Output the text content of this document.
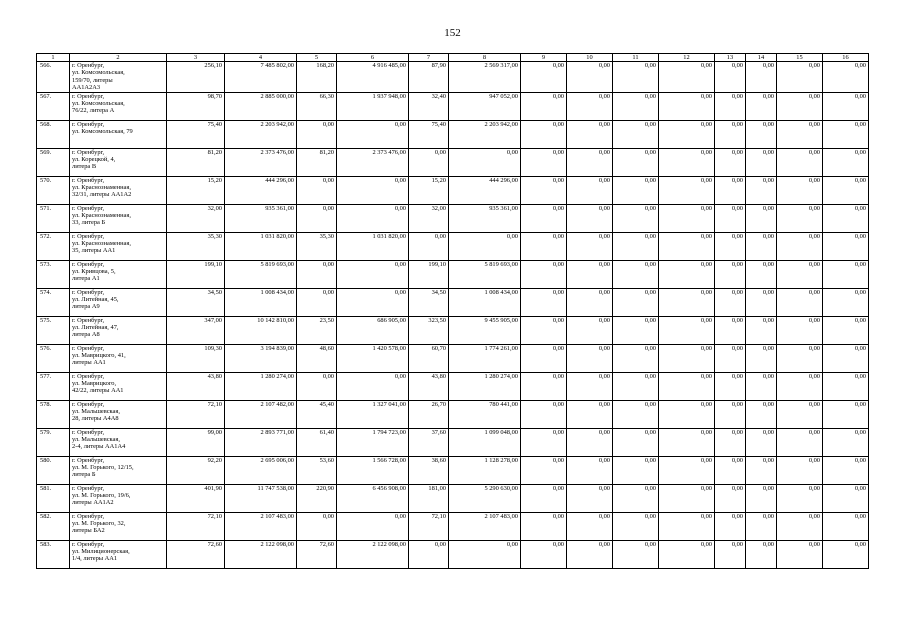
152
1	2	3	4	5	6	7	8	9	10	11	12	13	14	15	16
566.	г. Оренбург,
ул. Комсомольская,
159/70, литеры
АА1А2А3	256,10	7 485 802,00	168,20	4 916 485,00	87,90	2 569 317,00	0,00	0,00	0,00	0,00	0,00	0,00	0,00	0,00
567.	г. Оренбург,
ул. Комсомольская,
76/22, литера А	98,70	2 885 000,00	66,30	1 937 948,00	32,40	947 052,00	0,00	0,00	0,00	0,00	0,00	0,00	0,00	0,00
568.	г. Оренбург,
ул. Комсомольская, 79	75,40	2 203 942,00	0,00	0,00	75,40	2 203 942,00	0,00	0,00	0,00	0,00	0,00	0,00	0,00	0,00
569.	г. Оренбург,
ул. Корецкой, 4,
литера В	81,20	2 373 476,00	81,20	2 373 476,00	0,00	0,00	0,00	0,00	0,00	0,00	0,00	0,00	0,00	0,00
570.	г. Оренбург,
ул. Краснознаменная,
32/31, литеры АА1А2	15,20	444 296,00	0,00	0,00	15,20	444 296,00	0,00	0,00	0,00	0,00	0,00	0,00	0,00	0,00
571.	г. Оренбург,
ул. Краснознаменная,
33, литера Б	32,00	935 361,00	0,00	0,00	32,00	935 361,00	0,00	0,00	0,00	0,00	0,00	0,00	0,00	0,00
572.	г. Оренбург,
ул. Краснознаменная,
35, литеры АА1	35,30	1 031 820,00	35,30	1 031 820,00	0,00	0,00	0,00	0,00	0,00	0,00	0,00	0,00	0,00	0,00
573.	г. Оренбург,
ул. Кривцова, 5,
литера А1	199,10	5 819 693,00	0,00	0,00	199,10	5 819 693,00	0,00	0,00	0,00	0,00	0,00	0,00	0,00	0,00
574.	г. Оренбург,
ул. Литейная, 45,
литера А9	34,50	1 008 434,00	0,00	0,00	34,50	1 008 434,00	0,00	0,00	0,00	0,00	0,00	0,00	0,00	0,00
575.	г. Оренбург,
ул. Литейная, 47,
литера А8	347,00	10 142 810,00	23,50	686 905,00	323,50	9 455 905,00	0,00	0,00	0,00	0,00	0,00	0,00	0,00	0,00
576.	г. Оренбург,
ул. Маврицкого, 41,
литеры АА1	109,30	3 194 839,00	48,60	1 420 578,00	60,70	1 774 261,00	0,00	0,00	0,00	0,00	0,00	0,00	0,00	0,00
577.	г. Оренбург,
ул. Маврицкого,
42/22, литеры АА1	43,80	1 280 274,00	0,00	0,00	43,80	1 280 274,00	0,00	0,00	0,00	0,00	0,00	0,00	0,00	0,00
578.	г. Оренбург,
ул. Мальшевская,
28, литеры А4А8	72,10	2 107 482,00	45,40	1 327 041,00	26,70	780 441,00	0,00	0,00	0,00	0,00	0,00	0,00	0,00	0,00
579.	г. Оренбург,
ул. Мальшевская,
2-4, литеры АА1А4	99,00	2 893 771,00	61,40	1 794 723,00	37,60	1 099 048,00	0,00	0,00	0,00	0,00	0,00	0,00	0,00	0,00
580.	г. Оренбург,
ул. М. Горького, 12/15,
литера Б	92,20	2 695 006,00	53,60	1 566 728,00	38,60	1 128 278,00	0,00	0,00	0,00	0,00	0,00	0,00	0,00	0,00
581.	г. Оренбург,
ул. М. Горького, 19/6,
литеры АА1А2	401,90	11 747 538,00	220,90	6 456 908,00	181,00	5 290 630,00	0,00	0,00	0,00	0,00	0,00	0,00	0,00	0,00
582.	г. Оренбург,
ул. М. Горького, 32,
литеры БА2	72,10	2 107 483,00	0,00	0,00	72,10	2 107 483,00	0,00	0,00	0,00	0,00	0,00	0,00	0,00	0,00
583.	г. Оренбург,
ул. Милиционерская,
1/4, литеры АА1	72,60	2 122 098,00	72,60	2 122 098,00	0,00	0,00	0,00	0,00	0,00	0,00	0,00	0,00	0,00	0,00
